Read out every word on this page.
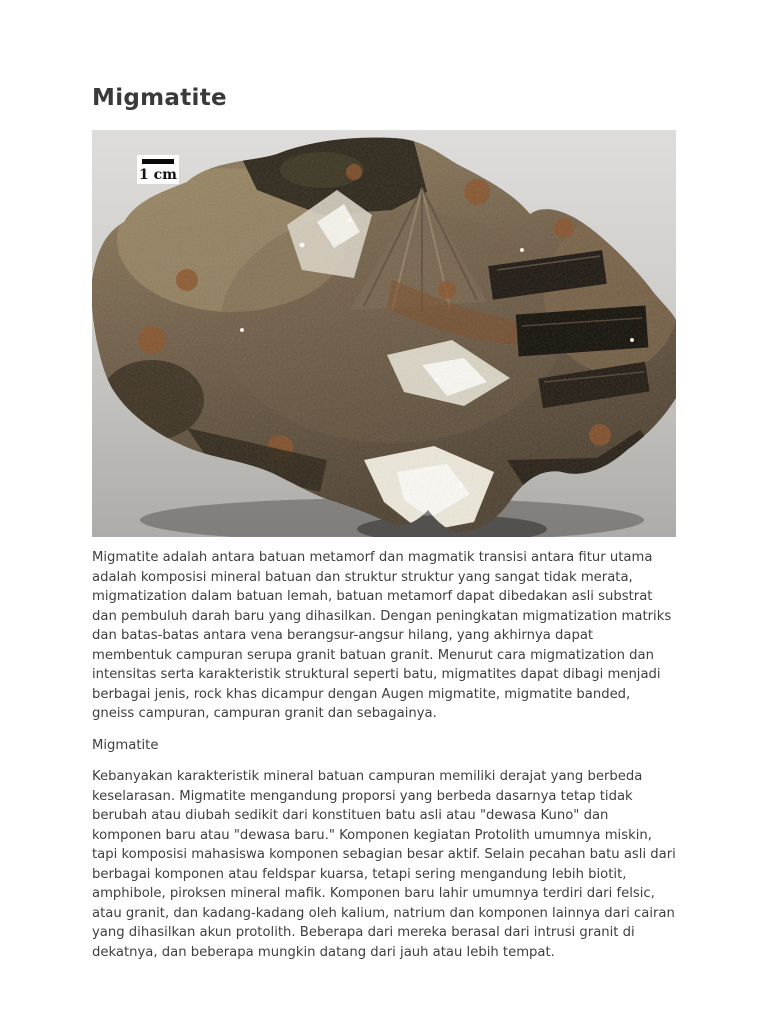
Migmatite
1 cm

Migmatite adalah antara batuan metamorf dan magmatik transisi antara fitur utama adalah komposisi mineral batuan dan struktur struktur yang sangat tidak merata, migmatization dalam batuan lemah, batuan metamorf dapat dibedakan asli substrat dan pembuluh darah baru yang dihasilkan. Dengan peningkatan migmatization matriks dan batas-batas antara vena berangsur-angsur hilang, yang akhirnya dapat membentuk campuran serupa granit batuan granit. Menurut cara migmatization dan intensitas serta karakteristik struktural seperti batu, migmatites dapat dibagi menjadi berbagai jenis, rock khas dicampur dengan Augen migmatite, migmatite banded, gneiss campuran, campuran granit dan sebagainya.

Migmatite

Kebanyakan karakteristik mineral batuan campuran memiliki derajat yang berbeda keselarasan. Migmatite mengandung proporsi yang berbeda dasarnya tetap tidak berubah atau diubah sedikit dari konstituen batu asli atau "dewasa Kuno" dan komponen baru atau "dewasa baru." Komponen kegiatan Protolith umumnya miskin, tapi komposisi mahasiswa komponen sebagian besar aktif. Selain pecahan batu asli dari berbagai komponen atau feldspar kuarsa, tetapi sering mengandung lebih biotit, amphibole, piroksen mineral mafik. Komponen baru lahir umumnya terdiri dari felsic, atau granit, dan kadang-kadang oleh kalium, natrium dan komponen lainnya dari cairan yang dihasilkan akun protolith. Beberapa dari mereka berasal dari intrusi granit di dekatnya, dan beberapa mungkin datang dari jauh atau lebih tempat.
